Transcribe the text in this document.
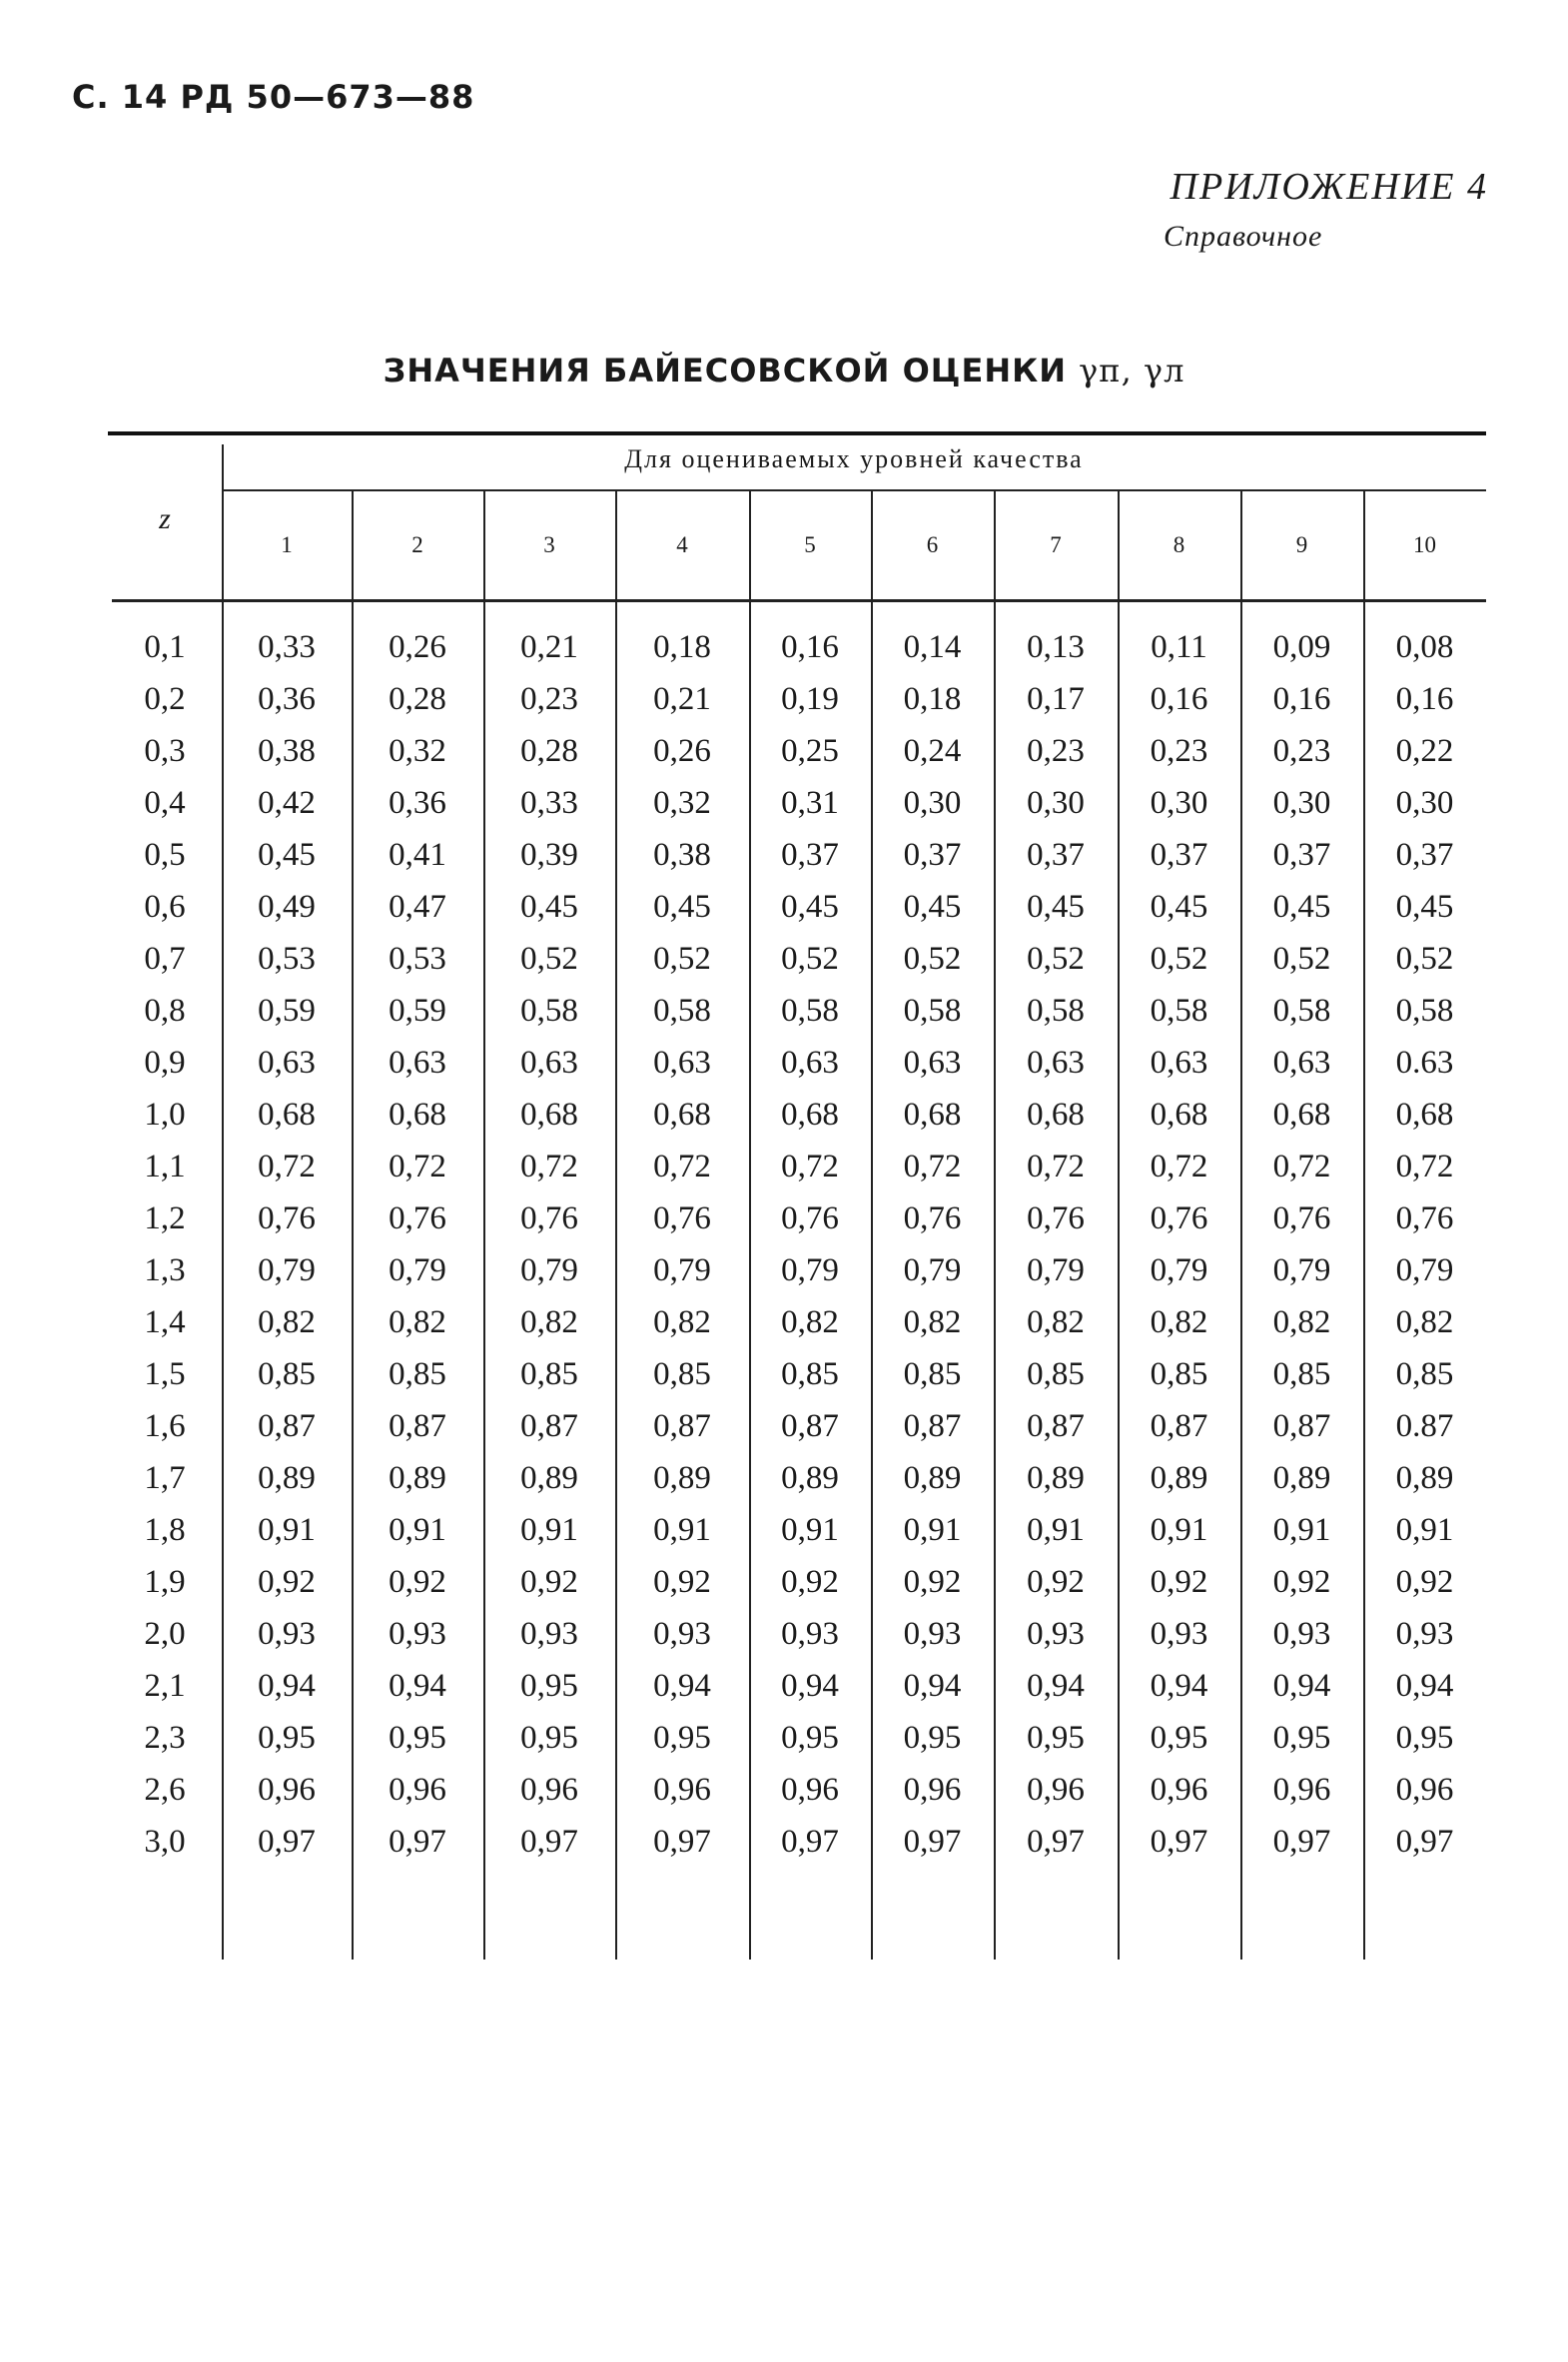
С. 14 РД 50—673—88
ПРИЛОЖЕНИЕ 4
Справочное
ЗНАЧЕНИЯ БАЙЕСОВСКОЙ ОЦЕНКИ γп, γл
Для оцениваемых уровней качества
z
1	2	3	4	5	6	7	8	9	10
0,1	0,33	0,26	0,21	0,18	0,16	0,14	0,13	0,11	0,09	0,08
0,2	0,36	0,28	0,23	0,21	0,19	0,18	0,17	0,16	0,16	0,16
0,3	0,38	0,32	0,28	0,26	0,25	0,24	0,23	0,23	0,23	0,22
0,4	0,42	0,36	0,33	0,32	0,31	0,30	0,30	0,30	0,30	0,30
0,5	0,45	0,41	0,39	0,38	0,37	0,37	0,37	0,37	0,37	0,37
0,6	0,49	0,47	0,45	0,45	0,45	0,45	0,45	0,45	0,45	0,45
0,7	0,53	0,53	0,52	0,52	0,52	0,52	0,52	0,52	0,52	0,52
0,8	0,59	0,59	0,58	0,58	0,58	0,58	0,58	0,58	0,58	0,58
0,9	0,63	0,63	0,63	0,63	0,63	0,63	0,63	0,63	0,63	0.63
1,0	0,68	0,68	0,68	0,68	0,68	0,68	0,68	0,68	0,68	0,68
1,1	0,72	0,72	0,72	0,72	0,72	0,72	0,72	0,72	0,72	0,72
1,2	0,76	0,76	0,76	0,76	0,76	0,76	0,76	0,76	0,76	0,76
1,3	0,79	0,79	0,79	0,79	0,79	0,79	0,79	0,79	0,79	0,79
1,4	0,82	0,82	0,82	0,82	0,82	0,82	0,82	0,82	0,82	0,82
1,5	0,85	0,85	0,85	0,85	0,85	0,85	0,85	0,85	0,85	0,85
1,6	0,87	0,87	0,87	0,87	0,87	0,87	0,87	0,87	0,87	0.87
1,7	0,89	0,89	0,89	0,89	0,89	0,89	0,89	0,89	0,89	0,89
1,8	0,91	0,91	0,91	0,91	0,91	0,91	0,91	0,91	0,91	0,91
1,9	0,92	0,92	0,92	0,92	0,92	0,92	0,92	0,92	0,92	0,92
2,0	0,93	0,93	0,93	0,93	0,93	0,93	0,93	0,93	0,93	0,93
2,1	0,94	0,94	0,95	0,94	0,94	0,94	0,94	0,94	0,94	0,94
2,3	0,95	0,95	0,95	0,95	0,95	0,95	0,95	0,95	0,95	0,95
2,6	0,96	0,96	0,96	0,96	0,96	0,96	0,96	0,96	0,96	0,96
3,0	0,97	0,97	0,97	0,97	0,97	0,97	0,97	0,97	0,97	0,97
